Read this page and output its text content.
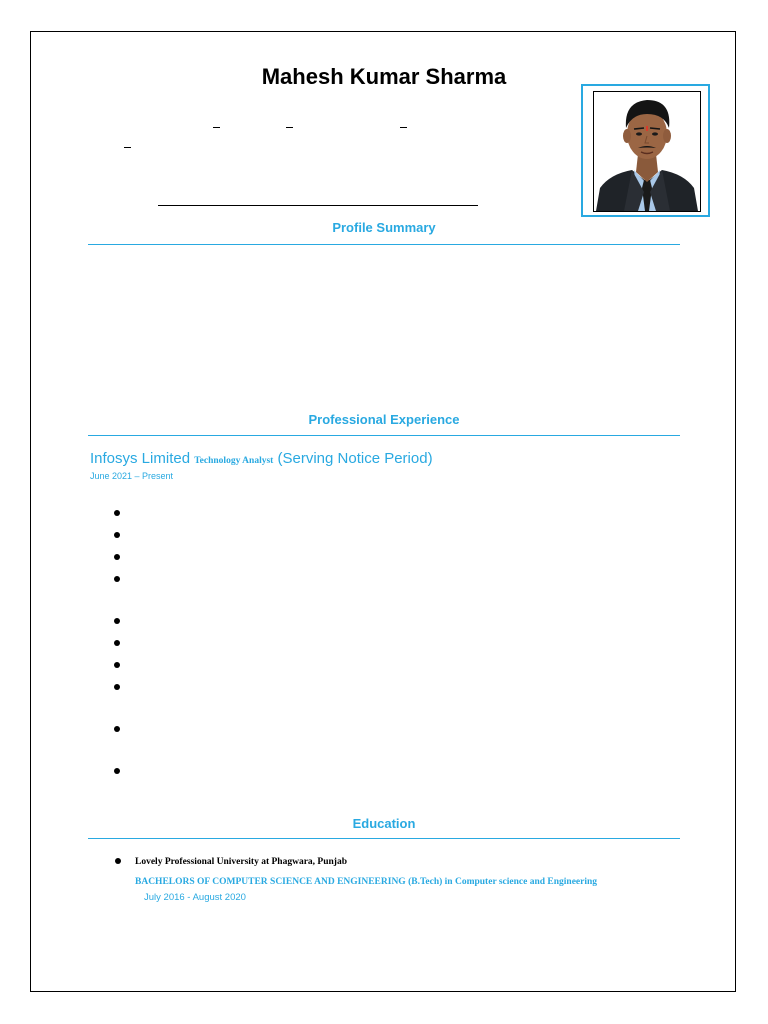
Mahesh Kumar Sharma
Profile Summary
Professional Experience
Infosys Limited Technology Analyst (Serving Notice Period)
June 2021 – Present
Education
Lovely Professional University at Phagwara, Punjab
BACHELORS OF COMPUTER SCIENCE AND ENGINEERING (B.Tech) in Computer science and Engineering
July 2016 - August 2020
